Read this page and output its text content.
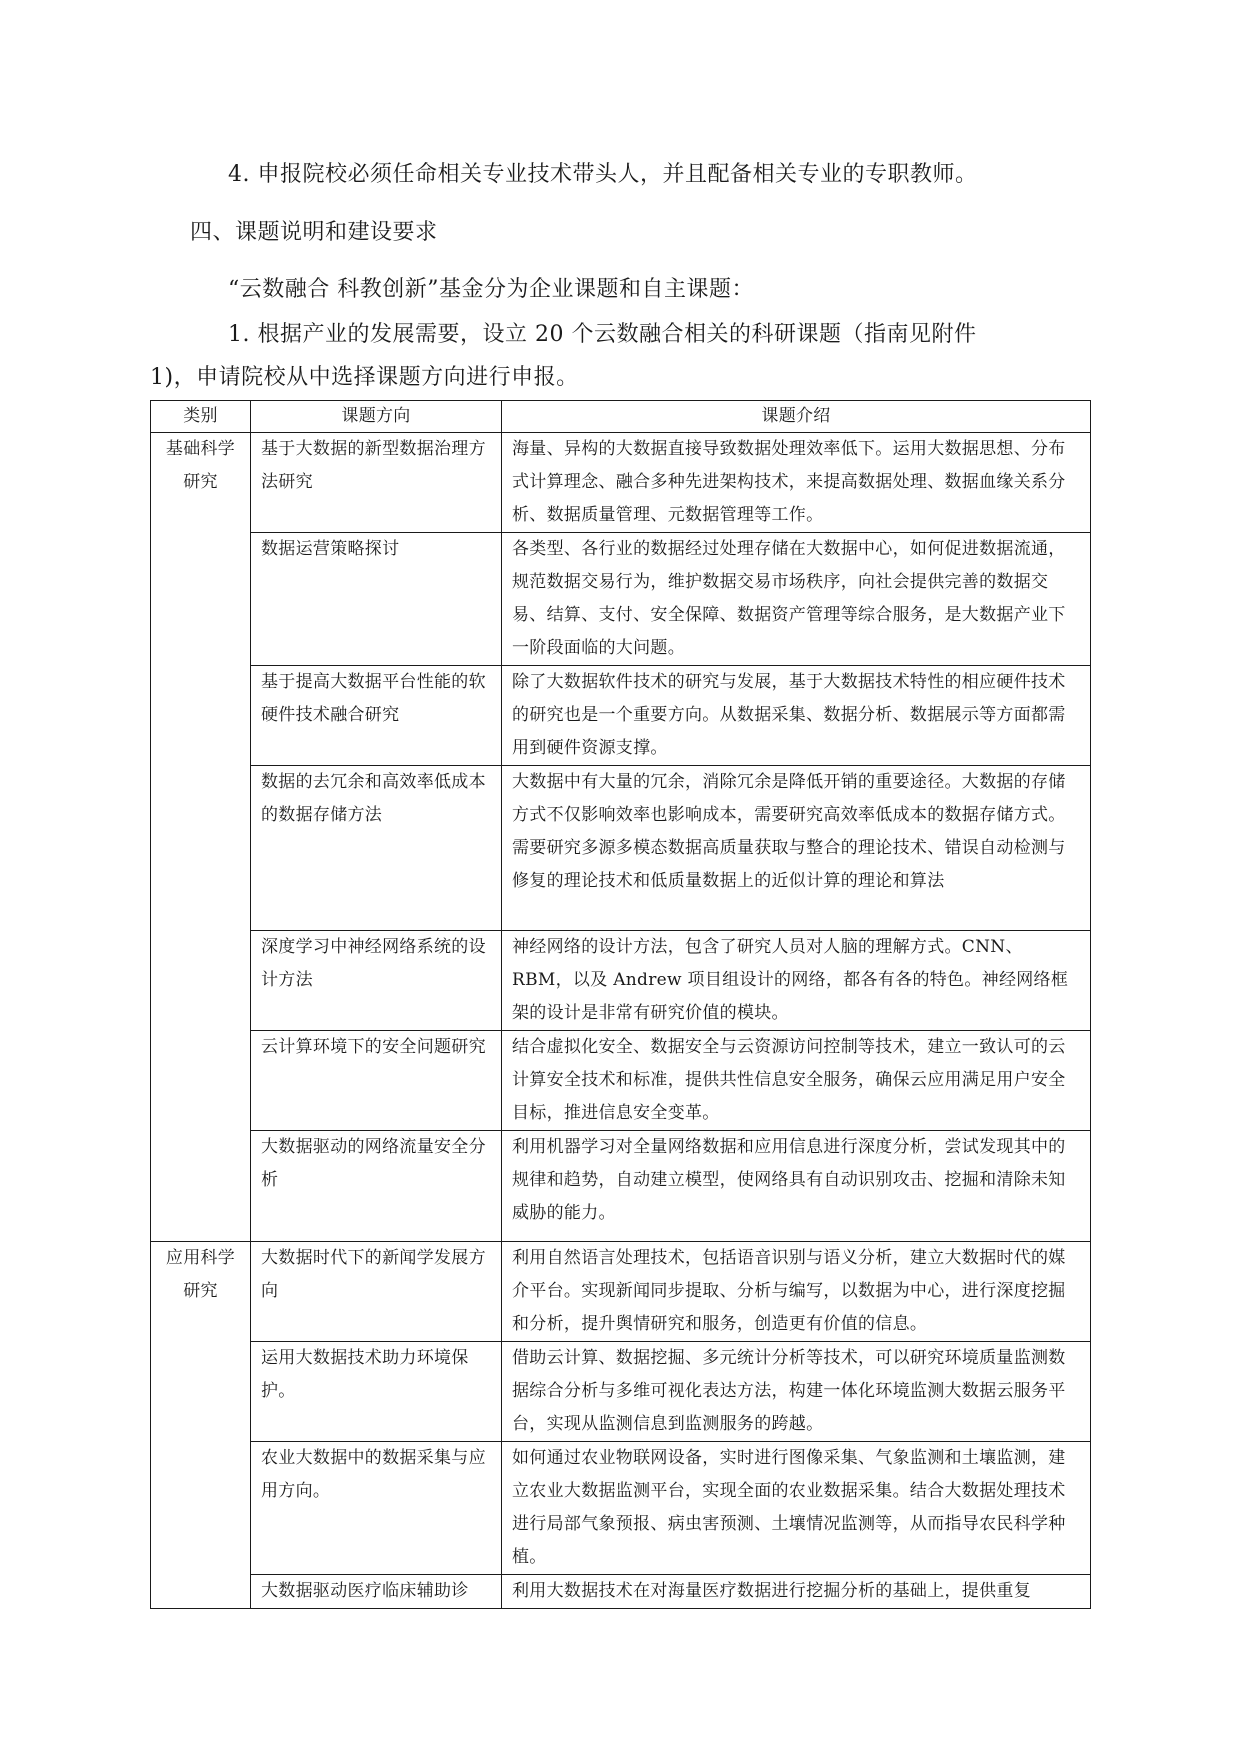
4. 申报院校必须任命相关专业技术带头人，并且配备相关专业的专职教师。
四、课题说明和建设要求
“云数融合 科教创新”基金分为企业课题和自主课题：
1. 根据产业的发展需要，设立 20 个云数融合相关的科研课题（指南见附件
1)，申请院校从中选择课题方向进行申报。
类别	课题方向	课题介绍

基础科学
研究	基于大数据的新型数据治理方法研究	海量、异构的大数据直接导致数据处理效率低下。运用大数据思想、分布式计算理念、融合多种先进架构技术，来提高数据处理、数据血缘关系分析、数据质量管理、元数据管理等工作。
	数据运营策略探讨	各类型、各行业的数据经过处理存储在大数据中心，如何促进数据流通，规范数据交易行为，维护数据交易市场秩序，向社会提供完善的数据交易、结算、支付、安全保障、数据资产管理等综合服务，是大数据产业下一阶段面临的大问题。
	基于提高大数据平台性能的软硬件技术融合研究	除了大数据软件技术的研究与发展，基于大数据技术特性的相应硬件技术的研究也是一个重要方向。从数据采集、数据分析、数据展示等方面都需用到硬件资源支撑。
	数据的去冗余和高效率低成本的数据存储方法	大数据中有大量的冗余，消除冗余是降低开销的重要途径。大数据的存储方式不仅影响效率也影响成本，需要研究高效率低成本的数据存储方式。需要研究多源多模态数据高质量获取与整合的理论技术、错误自动检测与修复的理论技术和低质量数据上的近似计算的理论和算法
	深度学习中神经网络系统的设计方法	神经网络的设计方法，包含了研究人员对人脑的理解方式。CNN、RBM，以及 Andrew 项目组设计的网络，都各有各的特色。神经网络框架的设计是非常有研究价值的模块。
	云计算环境下的安全问题研究	结合虚拟化安全、数据安全与云资源访问控制等技术，建立一致认可的云计算安全技术和标准，提供共性信息安全服务，确保云应用满足用户安全目标，推进信息安全变革。
	大数据驱动的网络流量安全分析	利用机器学习对全量网络数据和应用信息进行深度分析，尝试发现其中的规律和趋势，自动建立模型，使网络具有自动识别攻击、挖掘和清除未知威胁的能力。

应用科学
研究	大数据时代下的新闻学发展方向	利用自然语言处理技术，包括语音识别与语义分析，建立大数据时代的媒介平台。实现新闻同步提取、分析与编写，以数据为中心，进行深度挖掘和分析，提升舆情研究和服务，创造更有价值的信息。
	运用大数据技术助力环境保护。	借助云计算、数据挖掘、多元统计分析等技术，可以研究环境质量监测数据综合分析与多维可视化表达方法，构建一体化环境监测大数据云服务平台，实现从监测信息到监测服务的跨越。
	农业大数据中的数据采集与应用方向。	如何通过农业物联网设备，实时进行图像采集、气象监测和土壤监测，建立农业大数据监测平台，实现全面的农业数据采集。结合大数据处理技术进行局部气象预报、病虫害预测、土壤情况监测等，从而指导农民科学种植。
	大数据驱动医疗临床辅助诊	利用大数据技术在对海量医疗数据进行挖掘分析的基础上，提供重复
